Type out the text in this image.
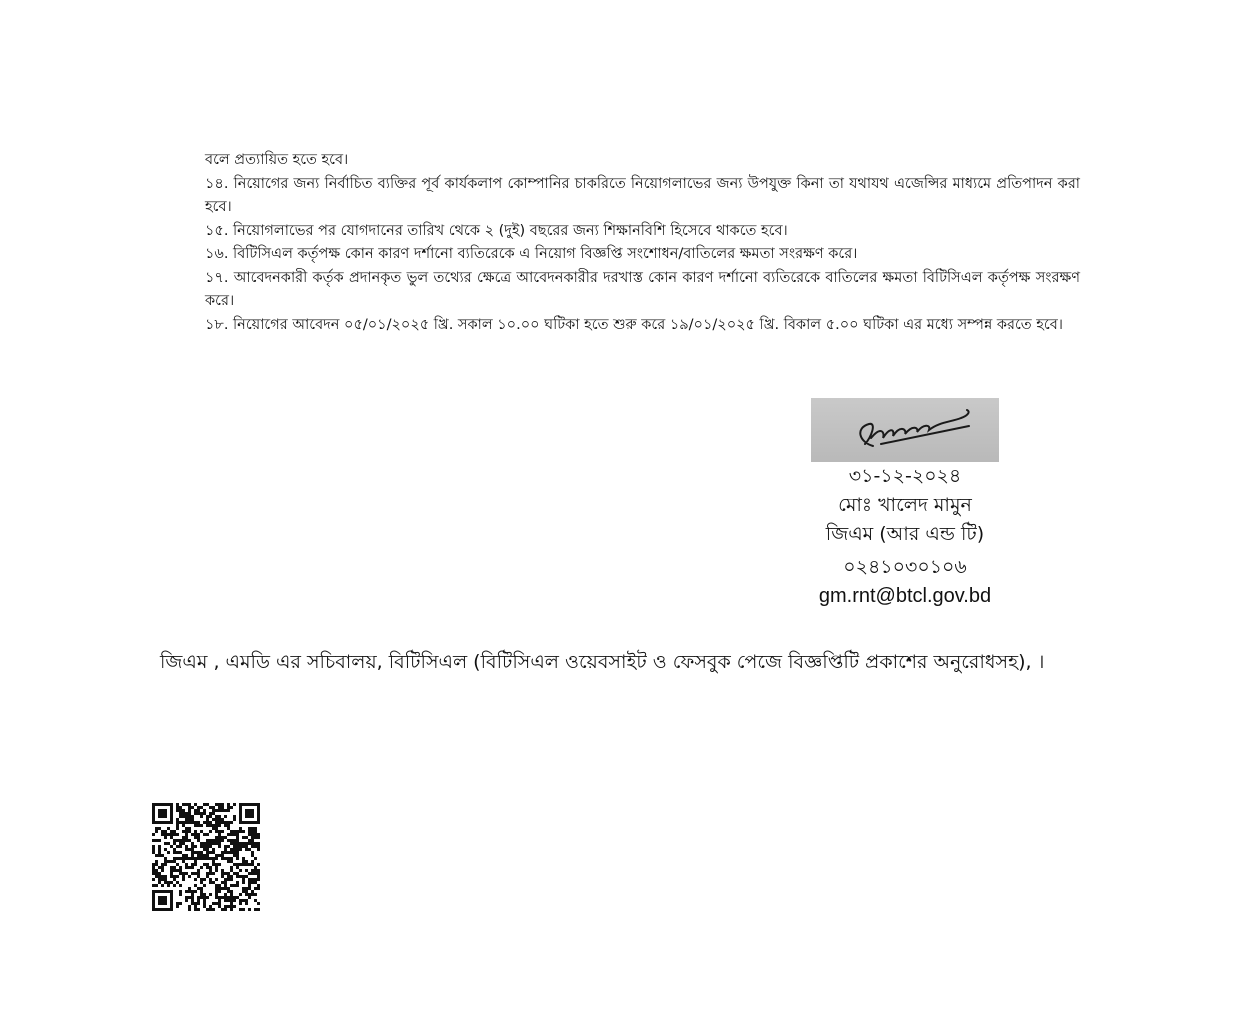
বলে প্রত্যায়িত হতে হবে।

১৪. নিয়োগের জন্য নির্বাচিত ব্যক্তির পূর্ব কার্যকলাপ কোম্পানির চাকরিতে নিয়োগলাভের জন্য উপযুক্ত কিনা তা যথাযথ এজেন্সির মাধ্যমে প্রতিপাদন করা হবে।

১৫. নিয়োগলাভের পর যোগদানের তারিখ থেকে ২ (দুই) বছরের জন্য শিক্ষানবিশি হিসেবে থাকতে হবে।

১৬. বিটিসিএল কর্তৃপক্ষ কোন কারণ দর্শানো ব্যতিরেকে এ নিয়োগ বিজ্ঞপ্তি সংশোধন/বাতিলের ক্ষমতা সংরক্ষণ করে।

১৭. আবেদনকারী কর্তৃক প্রদানকৃত ভুল তথ্যের ক্ষেত্রে আবেদনকারীর দরখাস্ত কোন কারণ দর্শানো ব্যতিরেকে বাতিলের ক্ষমতা বিটিসিএল কর্তৃপক্ষ সংরক্ষণ করে।

১৮. নিয়োগের আবেদন ০৫/০১/২০২৫ খ্রি. সকাল ১০.০০ ঘটিকা হতে শুরু করে ১৯/০১/২০২৫ খ্রি. বিকাল ৫.০০ ঘটিকা এর মধ্যে সম্পন্ন করতে হবে।

৩১-১২-২০২৪
মোঃ খালেদ মামুন
জিএম (আর এন্ড টি)
০২৪১০৩০১০৬
gm.rnt@btcl.gov.bd
জিএম , এমডি এর সচিবালয়, বিটিসিএল (বিটিসিএল ওয়েবসাইট ও ফেসবুক পেজে বিজ্ঞপ্তিটি প্রকাশের অনুরোধসহ), ।
